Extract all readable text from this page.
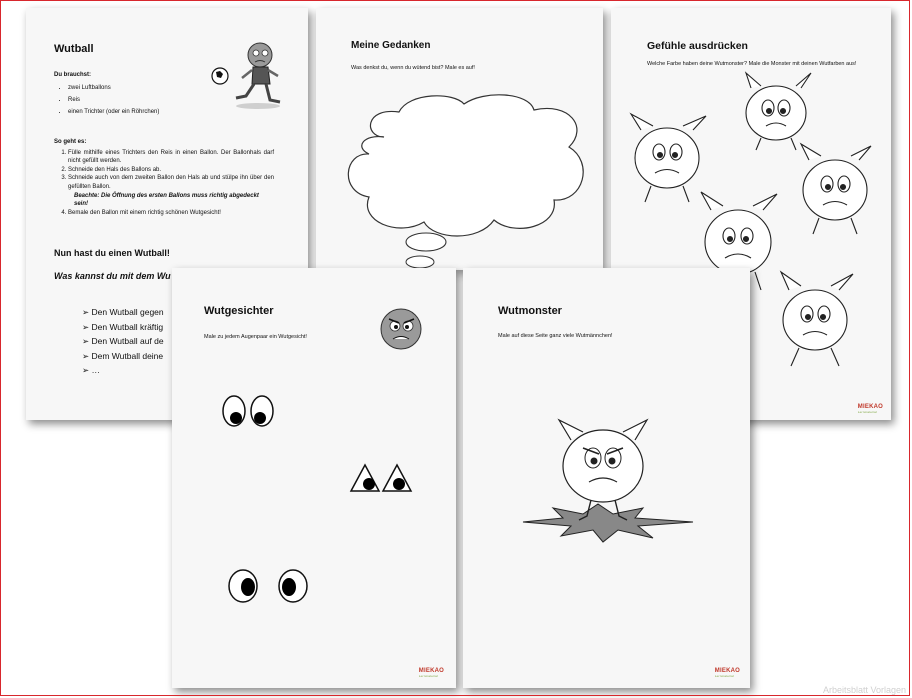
Wutball
Du brauchst:
• zwei Luftballons
• Reis
• einen Trichter (oder ein Röhrchen)
So geht es:
1. Fülle mithilfe eines Trichters den Reis in einen Ballon. Der Ballonhals darf nicht gefüllt werden.
2. Schneide den Hals des Ballons ab.
3. Schneide auch von dem zweiten Ballon den Hals ab und stülpe ihn über den gefüllten Ballon.
Beachte: Die Öffnung des ersten Ballons muss richtig abgedeckt sein!
4. Bemale den Ballon mit einem richtig schönen Wutgesicht!
Nun hast du einen Wutball!
Was kannst du mit dem Wu
➢ Den Wutball gegen
➢ Den Wutball kräftig
➢ Den Wutball auf de
➢ Dem Wutball deine
➢ …
Meine Gedanken
Was denkst du, wenn du wütend bist? Male es auf!
Gefühle ausdrücken
Welche Farbe haben deine Wutmonster? Male die Monster mit deinen Wutfarben aus!
MIEKAO
Lernmaterial
Wutgesichter
Male zu jedem Augenpaar ein Wutgesicht!
MIEKAO
Lernmaterial
Wutmonster
Male auf diese Seite ganz viele Wutmännchen!
MIEKAO
Lernmaterial
Arbeitsblatt Vorlagen
